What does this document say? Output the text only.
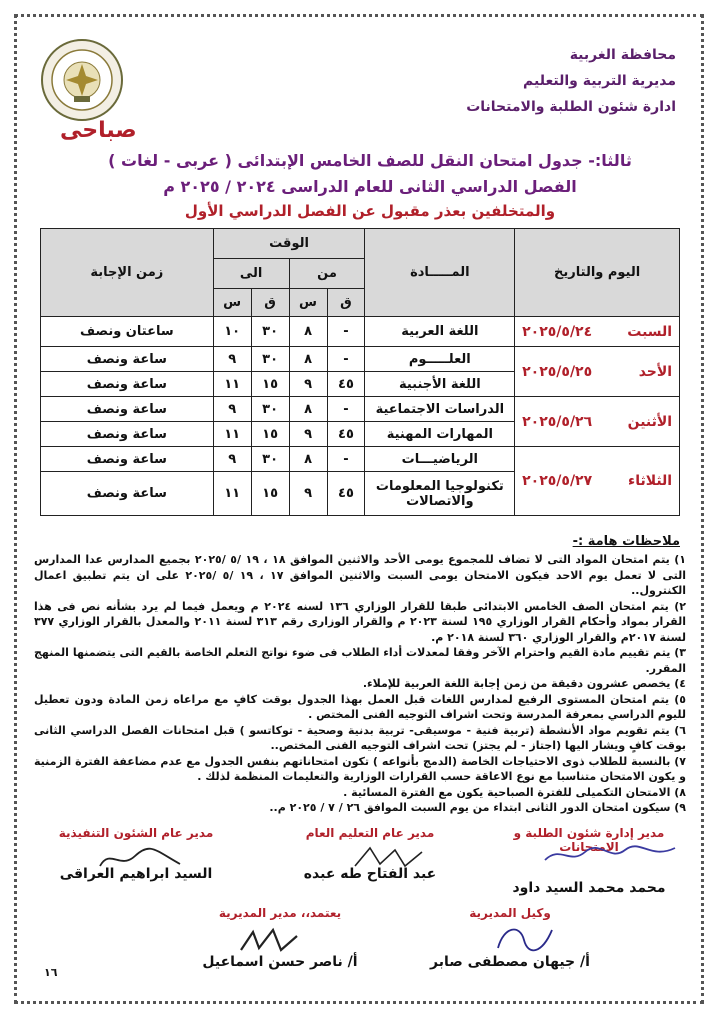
محافظة الغربية
مديرية التربية والتعليم
ادارة شئون الطلبة والامتحانات
صباحى
ثالثا:- جدول امتحان النقل للصف الخامس الإبتدائى ( عربى - لغات )
الفصل الدراسي الثانى للعام الدراسى ٢٠٢٤ / ٢٠٢٥ م
والمتخلفين بعذر مقبول عن الفصل الدراسي الأول
اليوم والتاريخ	المـــــادة	الوقت				زمن الإجابة
		من		الى		
		ق	س	ق	س	
السبت٢٠٢٥/٥/٢٤	اللغة العربية	-	٨	٣٠	١٠	ساعتان ونصف
الأحد٢٠٢٥/٥/٢٥	العلـــــوم	-	٨	٣٠	٩	ساعة ونصف
	اللغة الأجنبية	٤٥	٩	١٥	١١	ساعة ونصف
الأثنين٢٠٢٥/٥/٢٦	الدراسات الاجتماعية	-	٨	٣٠	٩	ساعة ونصف
	المهارات المهنية	٤٥	٩	١٥	١١	ساعة ونصف
الثلاثاء٢٠٢٥/٥/٢٧	الرياضيـــات	-	٨	٣٠	٩	ساعة ونصف
	تكنولوجيا المعلومات والاتصالات	٤٥	٩	١٥	١١	ساعة ونصف
ملاحظات هامة :-

١) يتم امتحان المواد التى لا تضاف للمجموع يومى الأحد والاثنين الموافق ١٨ ، ١٩ /٥ /٢٠٢٥ بجميع المدارس عدا المدارس التى لا تعمل يوم الاحد فيكون الامتحان يومى السبت والاثنين الموافق ١٧ ، ١٩ /٥ /٢٠٢٥ على ان يتم تطبيق اعمال الكنترول..

٢) يتم امتحان الصف الخامس الابتدائى طبقا للقرار الوزاري ١٣٦ لسنه ٢٠٢٤ م ويعمل فيما لم يرد بشأنه نص فى هذا القرار بمواد وأحكام القرار الوزاري ١٩٥ لسنة ٢٠٢٣ م والقرار الوزارى رقم ٣١٣ لسنة ٢٠١١ والمعدل بالقرار الوزاري ٣٧٧ لسنة ٢٠١٧م والقرار الوزاري ٣٦٠ لسنة ٢٠١٨ م.

٣) يتم تقييم مادة القيم واحترام الآخر وفقا لمعدلات أداء الطلاب فى ضوء نواتج التعلم الخاصة بالقيم التى يتضمنها المنهج المقرر.

٤) يخصص عشرون دقيقة من زمن إجابة اللغة العربية للإملاء.

٥) يتم امتحان المستوى الرفيع لمدارس اللغات قبل العمل بهذا الجدول بوقت كافٍ مع مراعاه زمن المادة ودون تعطيل لليوم الدراسي بمعرفة المدرسة وتحت اشراف التوجيه الفنى المختص .

٦) يتم تقويم مواد الأنشطة (تربية فنية - موسيقى- تربية بدنية وصحية - توكاتسو ) قبل امتحانات الفصل الدراسي الثانى بوقت كافٍ ويشار اليها (اجتاز - لم يجتز) تحت اشراف التوجيه الفنى المختص..

٧) بالنسبة للطلاب ذوى الاحتياجات الخاصة (الدمج بأنواعه ) تكون امتحاناتهم بنفس الجدول مع عدم مضاعفة الفترة الزمنية و يكون الامتحان متناسبا مع نوع الاعاقة حسب القرارات الوزارية والتعليمات المنظمة لذلك .

٨) الامتحان التكميلى للفترة الصباحية يكون مع الفترة المسائية .

٩) سيكون امتحان الدور الثانى ابتداء من يوم السبت الموافق ٢٦ / ٧ / ٢٠٢٥ م..

مدير إدارة شئون الطلبة و الامتحانات
محمد محمد السيد داود
مدير عام التعليم العام
عبد الفتاح طه عبده
مدير عام الشئون التنفيذية
السيد ابراهيم العراقى
وكيل المديرية
أ/ جيهان مصطفى صابر
يعتمد،، مدير المديرية
أ/ ناصر حسن اسماعيل
١٦
